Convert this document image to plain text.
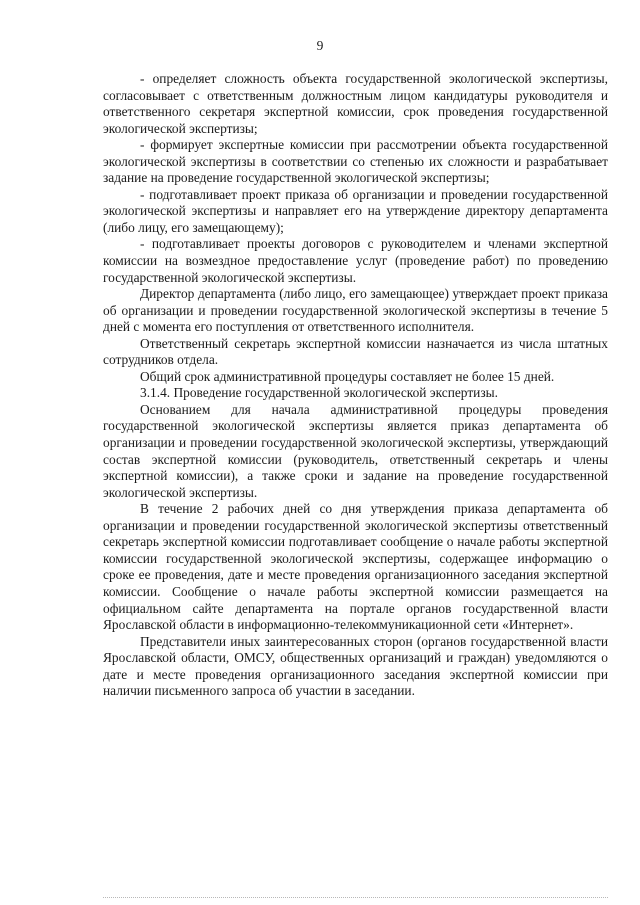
9

- определяет сложность объекта государственной экологической экспертизы, согласовывает с ответственным должностным лицом кандидатуры руководителя и ответственного секретаря экспертной комиссии, срок проведения государственной экологической экспертизы;

- формирует экспертные комиссии при рассмотрении объекта государственной экологической экспертизы в соответствии со степенью их сложности и разрабатывает задание на проведение государственной экологической экспертизы;

- подготавливает проект приказа об организации и проведении государственной экологической экспертизы и направляет его на утверждение директору департамента (либо лицу, его замещающему);

- подготавливает проекты договоров с руководителем и членами экспертной комиссии на возмездное предоставление услуг (проведение работ) по проведению государственной экологической экспертизы.

Директор департамента (либо лицо, его замещающее) утверждает проект приказа об организации и проведении государственной экологической экспертизы в течение 5 дней с момента его поступления от ответственного исполнителя.

Ответственный секретарь экспертной комиссии назначается из числа штатных сотрудников отдела.

Общий срок административной процедуры составляет не более 15 дней.

3.1.4. Проведение государственной экологической экспертизы.

Основанием для начала административной процедуры проведения государственной экологической экспертизы является приказ департамента об организации и проведении государственной экологической экспертизы, утверждающий состав экспертной комиссии (руководитель, ответственный секретарь и члены экспертной комиссии), а также сроки и задание на проведение государственной экологической экспертизы.

В течение 2 рабочих дней со дня утверждения приказа департамента об организации и проведении государственной экологической экспертизы ответственный секретарь экспертной комиссии подготавливает сообщение о начале работы экспертной комиссии государственной экологической экспертизы, содержащее информацию о сроке ее проведения, дате и месте проведения организационного заседания экспертной комиссии. Сообщение о начале работы экспертной комиссии размещается на официальном сайте департамента на портале органов государственной власти Ярославской области в информационно-телекоммуникационной сети «Интернет».

Представители иных заинтересованных сторон (органов государственной власти Ярославской области, ОМСУ, общественных организаций и граждан) уведомляются о дате и месте проведения организационного заседания экспертной комиссии при наличии письменного запроса об участии в заседании.
